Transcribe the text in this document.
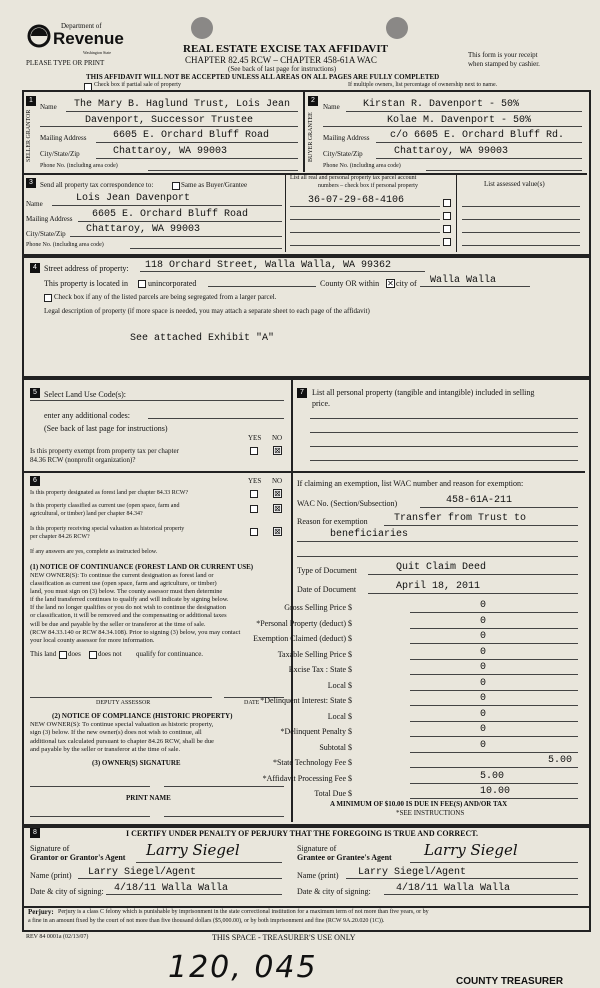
Department of
Revenue
Washington State
PLEASE TYPE OR PRINT
REAL ESTATE EXCISE TAX AFFIDAVIT
CHAPTER 82.45 RCW – CHAPTER 458-61A WAC
(See back of last page for instructions)
This form is your receipt
when stamped by cashier.
THIS AFFIDAVIT WILL NOT BE ACCEPTED UNLESS ALL AREAS ON ALL PAGES ARE FULLY COMPLETED
Check box if partial sale of property	If multiple owners, list percentage of ownership next to name.
1
SELLER GRANTOR
Name The Mary B. Haglund Trust, Lois Jean
Davenport, Successor Trustee
Mailing Address	6605 E. Orchard Bluff Road
City/State/Zip	Chattaroy, WA 99003
Phone No. (including area code)
2
BUYER GRANTEE
Name Kirstan R. Davenport - 50%
Kolae M. Davenport - 50%
Mailing Address c/o 6605 E. Orchard Bluff Rd.
City/State/Zip	Chattaroy, WA 99003
Phone No. (including area code)
3	Send all property tax correspondence to:	Same as Buyer/Grantee
Name	Lois Jean Davenport
Mailing Address 6605 E. Orchard Bluff Road
City/State/Zip Chattaroy, WA 99003
Phone No. (including area code)
List all real and personal property tax parcel account
numbers – check box if personal property	List assessed value(s)
36-07-29-68-4106
4 Street address of property: 118 Orchard Street, Walla Walla, WA 99362
This property is located in	unincorporated	County OR within ✕ city of Walla Walla
Check box if any of the listed parcels are being segregated from a larger parcel.
Legal description of property (if more space is needed, you may attach a separate sheet to each page of the affidavit)
See attached Exhibit "A"
5 Select Land Use Code(s):
enter any additional codes:
(See back of last page for instructions)
YES NO
Is this property exempt from property tax per chapter
84.36 RCW (nonprofit organization)?
⊠
6	YES NO
Is this property designated as forest land per chapter 84.33 RCW?	⊠
Is this property classified as current use (open space, farm and
agricultural, or timber) land per chapter 84.34?
⊠
Is this property receiving special valuation as historical property
per chapter 84.26 RCW?
⊠
If any answers are yes, complete as instructed below.
(1) NOTICE OF CONTINUANCE (FOREST LAND OR CURRENT USE)
NEW OWNER(S): To continue the current designation as forest land or
classification as current use (open space, farm and agriculture, or timber)
land, you must sign on (3) below. The county assessor must then determine
if the land transferred continues to qualify and will indicate by signing below.
If the land no longer qualifies or you do not wish to continue the designation
or classification, it will be removed and the compensating or additional taxes
will be due and payable by the seller or transferor at the time of sale.
(RCW 84.33.140 or RCW 84.34.108). Prior to signing (3) below, you may contact
your local county assessor for more information.
This land does does not qualify for continuance.
DEPUTY ASSESSOR	DATE
(2) NOTICE OF COMPLIANCE (HISTORIC PROPERTY)
NEW OWNER(S): To continue special valuation as historic property,
sign (3) below. If the new owner(s) does not wish to continue, all
additional tax calculated pursuant to chapter 84.26 RCW, shall be due
and payable by the seller or transferor at the time of sale.
(3) OWNER(S) SIGNATURE
PRINT NAME
7	List all personal property (tangible and intangible) included in selling
price.
If claiming an exemption, list WAC number and reason for exemption:
WAC No. (Section/Subsection)	458-61A-211
Reason for exemption	Transfer from Trust to
beneficiaries
Type of Document	Quit Claim Deed
Date of Document	April 18, 2011
Gross Selling Price $	0
*Personal Property (deduct) $	0
Exemption Claimed (deduct) $	0
Taxable Selling Price $	0
Excise Tax : State $	0
Local $	0
*Delinquent Interest: State $	0
Local $	0
*Delinquent Penalty $	0
Subtotal $	0
*State Technology Fee $	5.00
*Affidavit Processing Fee $	5.00
Total Due $	10.00
A MINIMUM OF $10.00 IS DUE IN FEE(S) AND/OR TAX
*SEE INSTRUCTIONS
8	I CERTIFY UNDER PENALTY OF PERJURY THAT THE FOREGOING IS TRUE AND CORRECT.
Signature of
Grantor or Grantor's Agent Larry Siegel
Name (print) Larry Siegel/Agent
Date & city of signing: 4/18/11 Walla Walla
Signature of
Grantee or Grantee's Agent Larry Siegel
Name (print) Larry Siegel/Agent
Date & city of signing:	4/18/11 Walla Walla
Perjury: Perjury is a class C felony which is punishable by imprisonment in the state correctional institution for a maximum term of not more than five years, or by
a fine in an amount fixed by the court of not more than five thousand dollars ($5,000.00), or by both imprisonment and fine (RCW 9A.20.020 (1C)).
REV 84 0001a (02/13/07)	THIS SPACE - TREASURER'S USE ONLY
120, 045	COUNTY TREASURER
